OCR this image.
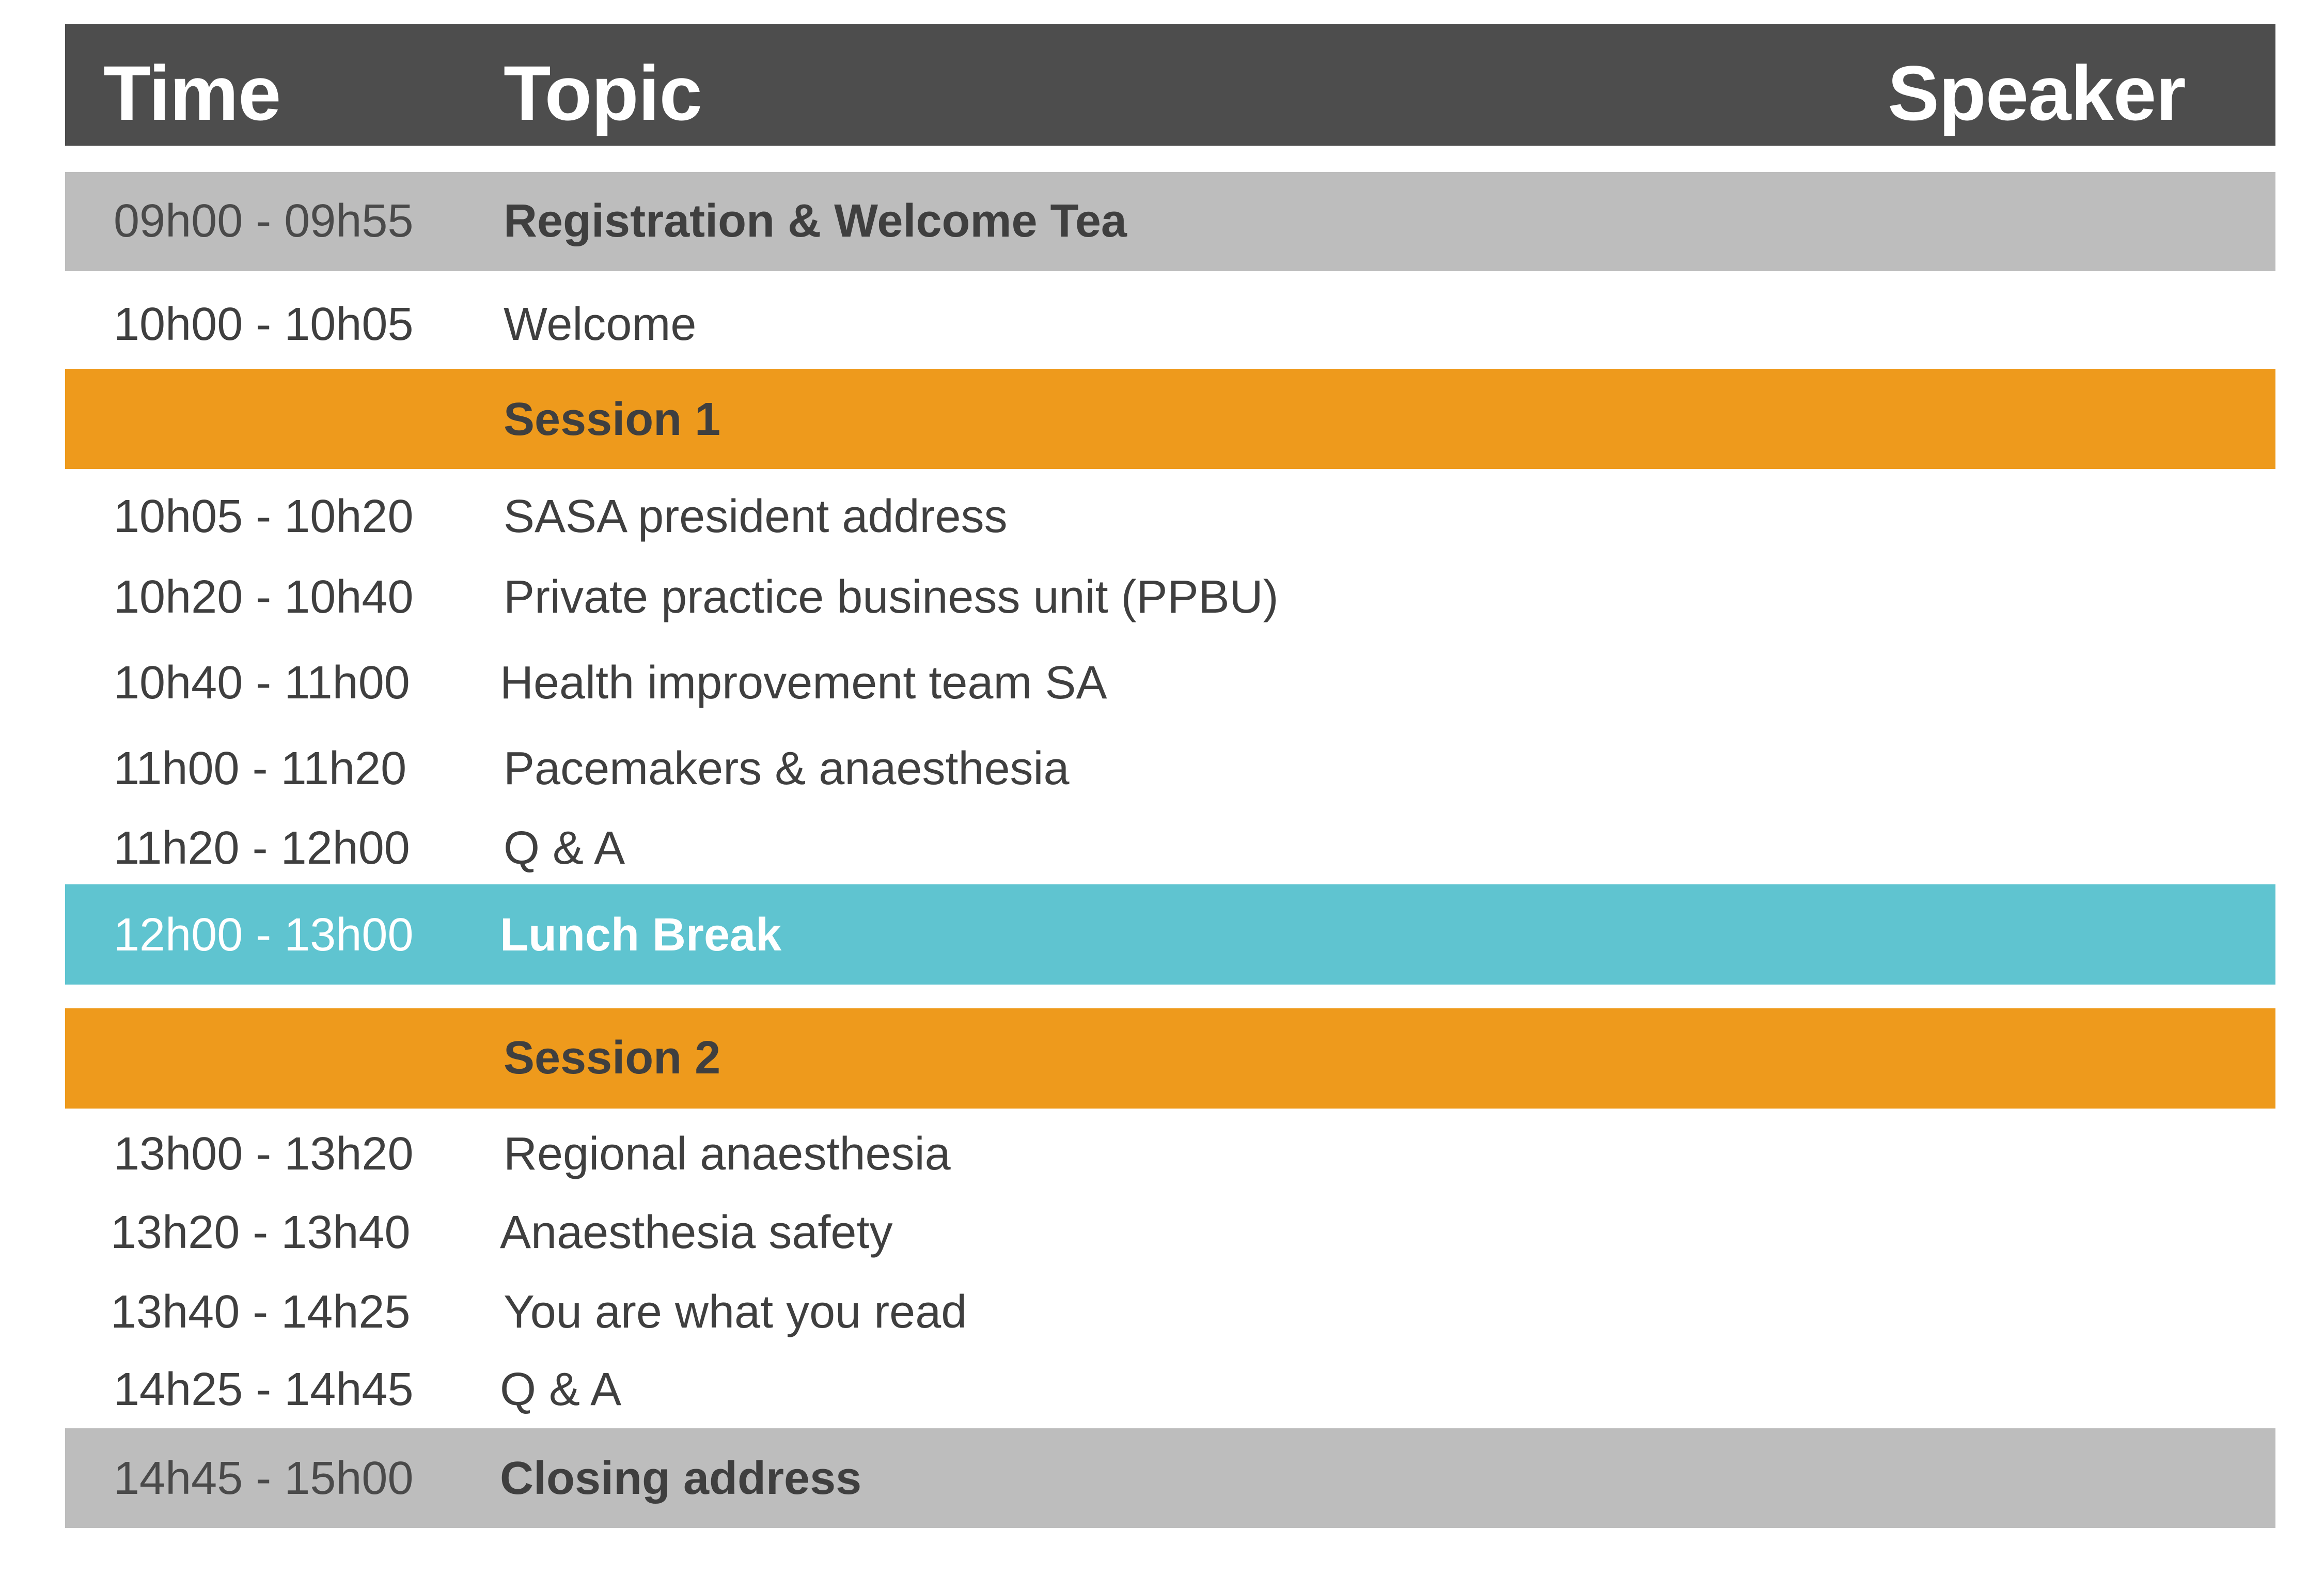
Time	Topic	Speaker
09h00 - 09h55 Registration & Welcome Tea
10h00 - 10h05 Welcome
Session 1
10h05 - 10h20 SASA president address
10h20 - 10h40 Private practice business unit (PPBU)
10h40 - 11h00 Health improvement team SA
11h00 - 11h20 Pacemakers & anaesthesia
11h20 - 12h00 Q & A
12h00 - 13h00 Lunch Break
Session 2
13h00 - 13h20 Regional anaesthesia
13h20 - 13h40 Anaesthesia safety
13h40 - 14h25 You are what you read
14h25 - 14h45 Q & A
14h45 - 15h00 Closing address
